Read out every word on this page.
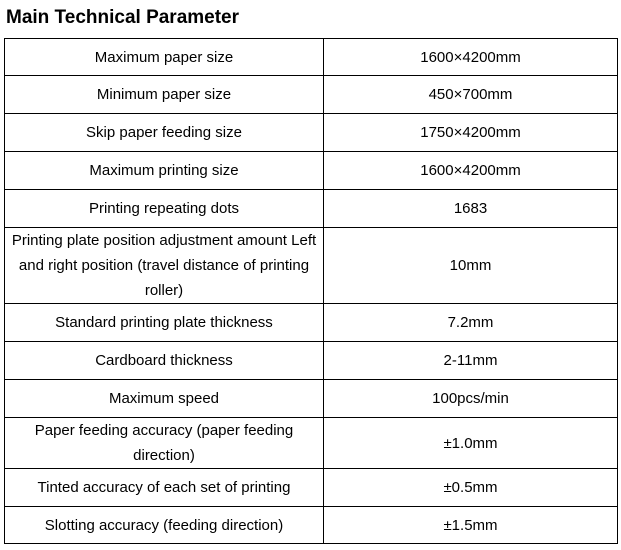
Main Technical Parameter
Maximum paper size	1600×4200mm
Minimum paper size	450×700mm
Skip paper feeding size	1750×4200mm
Maximum printing size	1600×4200mm
Printing repeating dots	1683
Printing plate position adjustment amount Left and right position (travel distance of printing roller)	10mm
Standard printing plate thickness	7.2mm
Cardboard thickness	2-11mm
Maximum speed	100pcs/min
Paper feeding accuracy (paper feeding direction)	±1.0mm
Tinted accuracy of each set of printing	±0.5mm
Slotting accuracy (feeding direction)	±1.5mm
